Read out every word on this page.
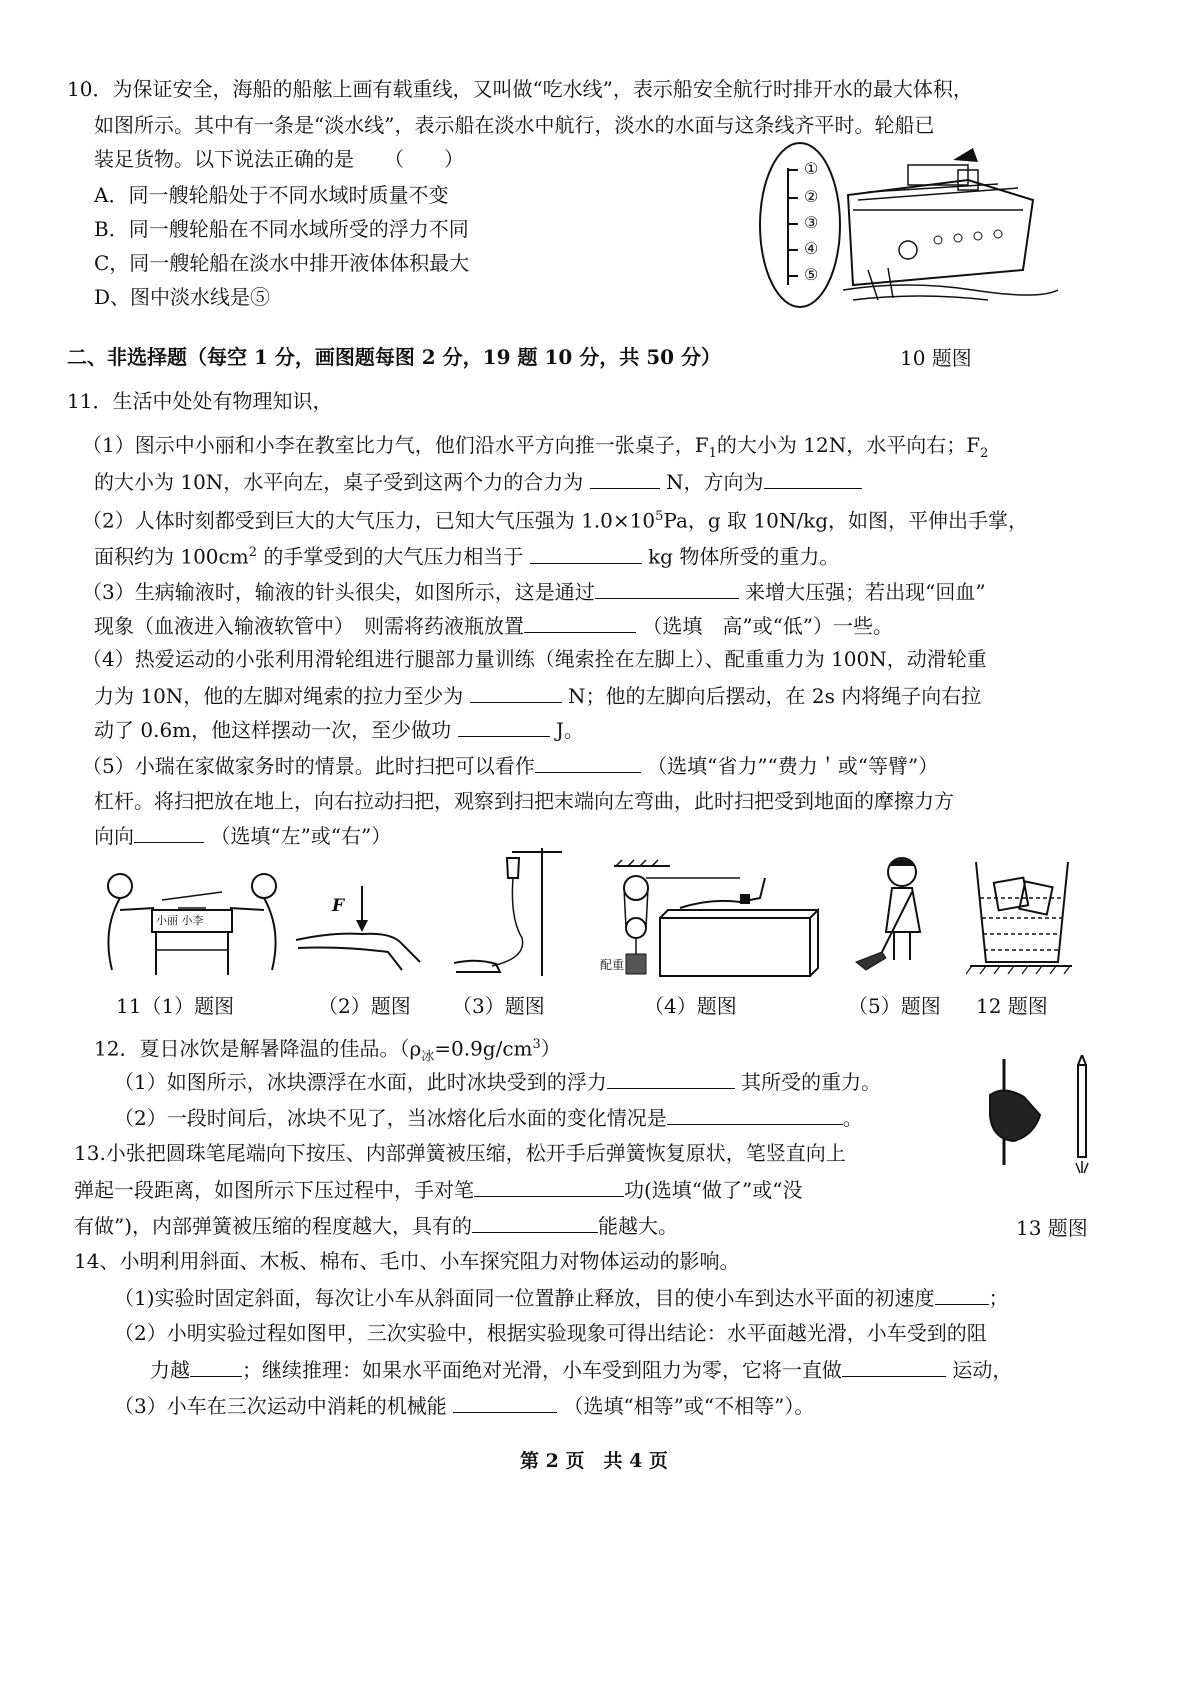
10．为保证安全，海船的船舷上画有载重线，又叫做“吃水线”，表示船安全航行时排开水的最大体积，
如图所示。其中有一条是“淡水线”，表示船在淡水中航行，淡水的水面与这条线齐平时。轮船已
装足货物。以下说法正确的是　　（　　）
A．同一艘轮船处于不同水域时质量不变
B．同一艘轮船在不同水域所受的浮力不同
C，同一艘轮船在淡水中排开液体体积最大
D、图中淡水线是⑤
①
②
③
④
⑤
10 题图
二、非选择题（每空 1 分，画图题每图 2 分，19 题 10 分，共 50 分）
11．生活中处处有物理知识，
（1）图示中小丽和小李在教室比力气，他们沿水平方向推一张桌子，$F_1$的大小为 12N，水平向右；$F_2$
的大小为 10N，水平向左，桌子受到这两个力的合力为	N，方向为
（2）人体时刻都受到巨大的大气压力，已知大气压强为 $1.0\times 10^5Pa$，g 取 10N/kg，如图，平伸出手掌，
面积约为 $100cm^2$ 的手掌受到的大气压力相当于	kg 物体所受的重力。
（3）生病输液时，输液的针头很尖，如图所示，这是通过	来增大压强；若出现“回血”
现象（血液进入输液软管中）　则需将药液瓶放置	（选填　高”或“低”）一些。
（4）热爱运动的小张利用滑轮组进行腿部力量训练（绳索拴在左脚上）、配重重力为 100N，动滑轮重
力为 10N，他的左脚对绳索的拉力至少为	N；他的左脚向后摆动，在 2s 内将绳子向右拉
动了 0.6m，他这样摆动一次，至少做功	J。
（5）小瑞在家做家务时的情景。此时扫把可以看作	（选填“省力”“费力＇或“等臂”）
杠杆。将扫把放在地上，向右拉动扫把，观察到扫把末端向左弯曲，此时扫把受到地面的摩擦力方
向向	（选填“左”或“右”）
小丽 小李
F
配重
11（1）题图	（2）题图 （3）题图	（4）题图	（5）题图 12 题图
12．夏日冰饮是解暑降温的佳品。$(\rho_冰=0.9g/cm^3)$
（1）如图所示，冰块漂浮在水面，此时冰块受到的浮力	其所受的重力。
（2）一段时间后，冰块不见了，当冰熔化后水面的变化情况是	。
13.小张把圆珠笔尾端向下按压、内部弹簧被压缩，松开手后弹簧恢复原状，笔竖直向上
弹起一段距离，如图所示下压过程中，手对笔	功(选填“做了”或“没
有做”)，内部弹簧被压缩的程度越大，具有的	能越大。	13 题图
14、小明利用斜面、木板、棉布、毛巾、小车探究阻力对物体运动的影响。
（1)实验时固定斜面，每次让小车从斜面同一位置静止释放，目的使小车到达水平面的初速度	；
（2）小明实验过程如图甲，三次实验中，根据实验现象可得出结论：水平面越光滑，小车受到的阻
力越	；继续推理：如果水平面绝对光滑，小车受到阻力为零，它将一直做	运动，
（3）小车在三次运动中消耗的机械能	（选填“相等”或“不相等”）。
第 2 页　共 4 页
